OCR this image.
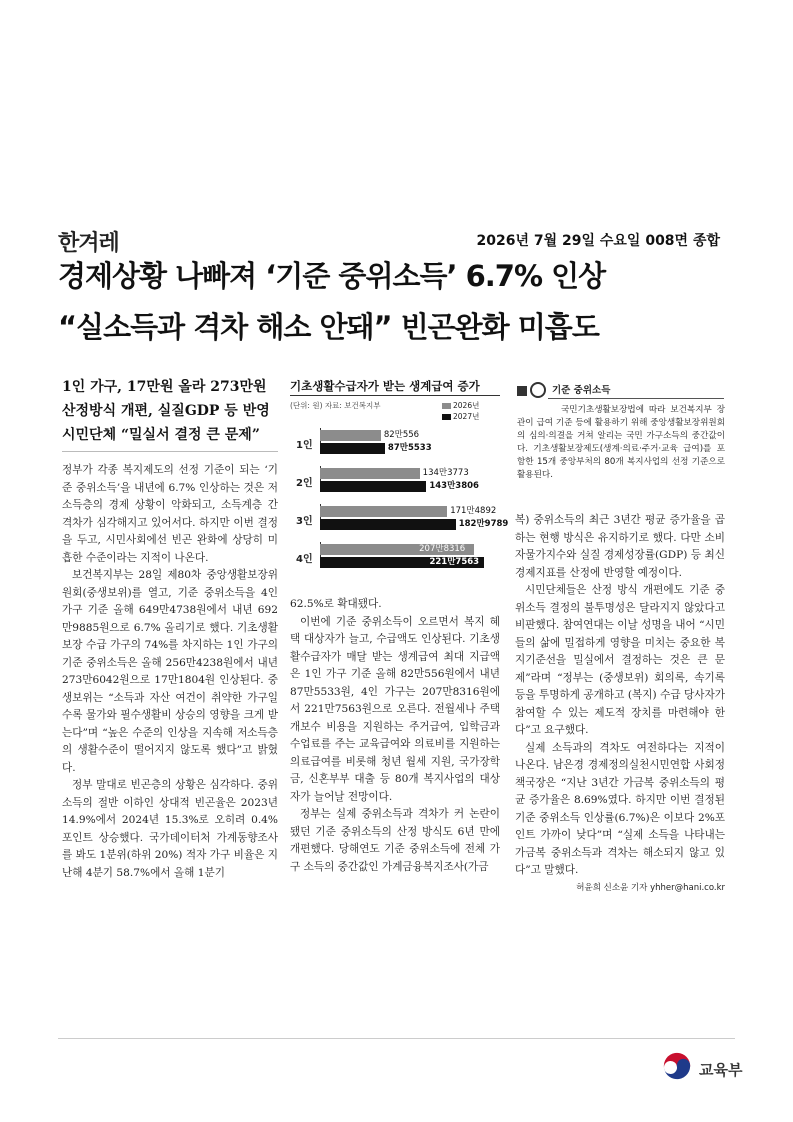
한겨레	2026년 7월 29일 수요일 008면 종합
경제상황 나빠져 ‘기준 중위소득’ 6.7% 인상
“실소득과 격차 해소 안돼” 빈곤완화 미흡도
1인 가구, 17만원 올라 273만원
산정방식 개편, 실질GDP 등 반영
시민단체 “밀실서 결정 큰 문제”

정부가 각종 복지제도의 선정 기준이 되는 ‘기준 중위소득’을 내년에 6.7% 인상하는 것은 저소득층의 경제 상황이 악화되고, 소득계층 간 격차가 심각해지고 있어서다. 하지만 이번 결정을 두고, 시민사회에선 빈곤 완화에 상당히 미흡한 수준이라는 지적이 나온다.

보건복지부는 28일 제80차 중앙생활보장위원회(중생보위)를 열고, 기준 중위소득을 4인 가구 기준 올해 649만4738원에서 내년 692만9885원으로 6.7% 올리기로 했다. 기초생활보장 수급 가구의 74%를 차지하는 1인 가구의 기준 중위소득은 올해 256만4238원에서 내년 273만6042원으로 17만1804원 인상된다. 중생보위는 “소득과 자산 여건이 취약한 가구일수록 물가와 필수생활비 상승의 영향을 크게 받는다”며 “높은 수준의 인상을 지속해 저소득층의 생활수준이 떨어지지 않도록 했다”고 밝혔다.

정부 말대로 빈곤층의 상황은 심각하다. 중위소득의 절반 이하인 상대적 빈곤율은 2023년 14.9%에서 2024년 15.3%로 오히려 0.4%포인트 상승했다. 국가데이터처 가계동향조사를 봐도 1분위(하위 20%) 적자 가구 비율은 지난해 4분기 58.7%에서 올해 1분기

기초생활수급자가 받는 생계급여 증가
(단위: 원) 자료: 보건복지부	2026년
2027년
1인
82만556
87만5533
2인
134만3773
143만3806
3인
171만4892
182만9789
4인
207만8316
221만7563

62.5%로 확대됐다.

이번에 기준 중위소득이 오르면서 복지 혜택 대상자가 늘고, 수급액도 인상된다. 기초생활수급자가 매달 받는 생계급여 최대 지급액은 1인 가구 기준 올해 82만556원에서 내년 87만5533원, 4인 가구는 207만8316원에서 221만7563원으로 오른다. 전월세나 주택 개보수 비용을 지원하는 주거급여, 입학금과 수업료를 주는 교육급여와 의료비를 지원하는 의료급여를 비롯해 청년 월세 지원, 국가장학금, 신혼부부 대출 등 80개 복지사업의 대상자가 늘어날 전망이다.

정부는 실제 중위소득과 격차가 커 논란이 됐던 기준 중위소득의 산정 방식도 6년 만에 개편했다. 당해연도 기준 중위소득에 전체 가구 소득의 중간값인 가계금융복지조사(가금

기준 중위소득
국민기초생활보장법에 따라 보건복지부 장관이 급여 기준 등에 활용하기 위해 중앙생활보장위원회의 심의·의결을 거쳐 알리는 국민 가구소득의 중간값이다. 기초생활보장제도(생계·의료·주거·교육 급여)를 포함한 15개 중앙부처의 80개 복지사업의 선정 기준으로 활용된다.

복) 중위소득의 최근 3년간 평균 증가율을 곱하는 현행 방식은 유지하기로 했다. 다만 소비자물가지수와 실질 경제성장률(GDP) 등 최신 경제지표를 산정에 반영할 예정이다.

시민단체들은 산정 방식 개편에도 기준 중위소득 결정의 불투명성은 달라지지 않았다고 비판했다. 참여연대는 이날 성명을 내어 “시민들의 삶에 밀접하게 영향을 미치는 중요한 복지기준선을 밀실에서 결정하는 것은 큰 문제”라며 “정부는 (중생보위) 회의록, 속기록 등을 투명하게 공개하고 (복지) 수급 당사자가 참여할 수 있는 제도적 장치를 마련해야 한다”고 요구했다.

실제 소득과의 격차도 여전하다는 지적이 나온다. 남은경 경제정의실천시민연합 사회정책국장은 “지난 3년간 가금복 중위소득의 평균 증가율은 8.69%였다. 하지만 이번 결정된 기준 중위소득 인상률(6.7%)은 이보다 2%포인트 가까이 낮다”며 “실제 소득을 나타내는 가금복 중위소득과 격차는 해소되지 않고 있다”고 말했다.

허윤희 신소윤 기자 yhher@hani.co.kr

교육부
